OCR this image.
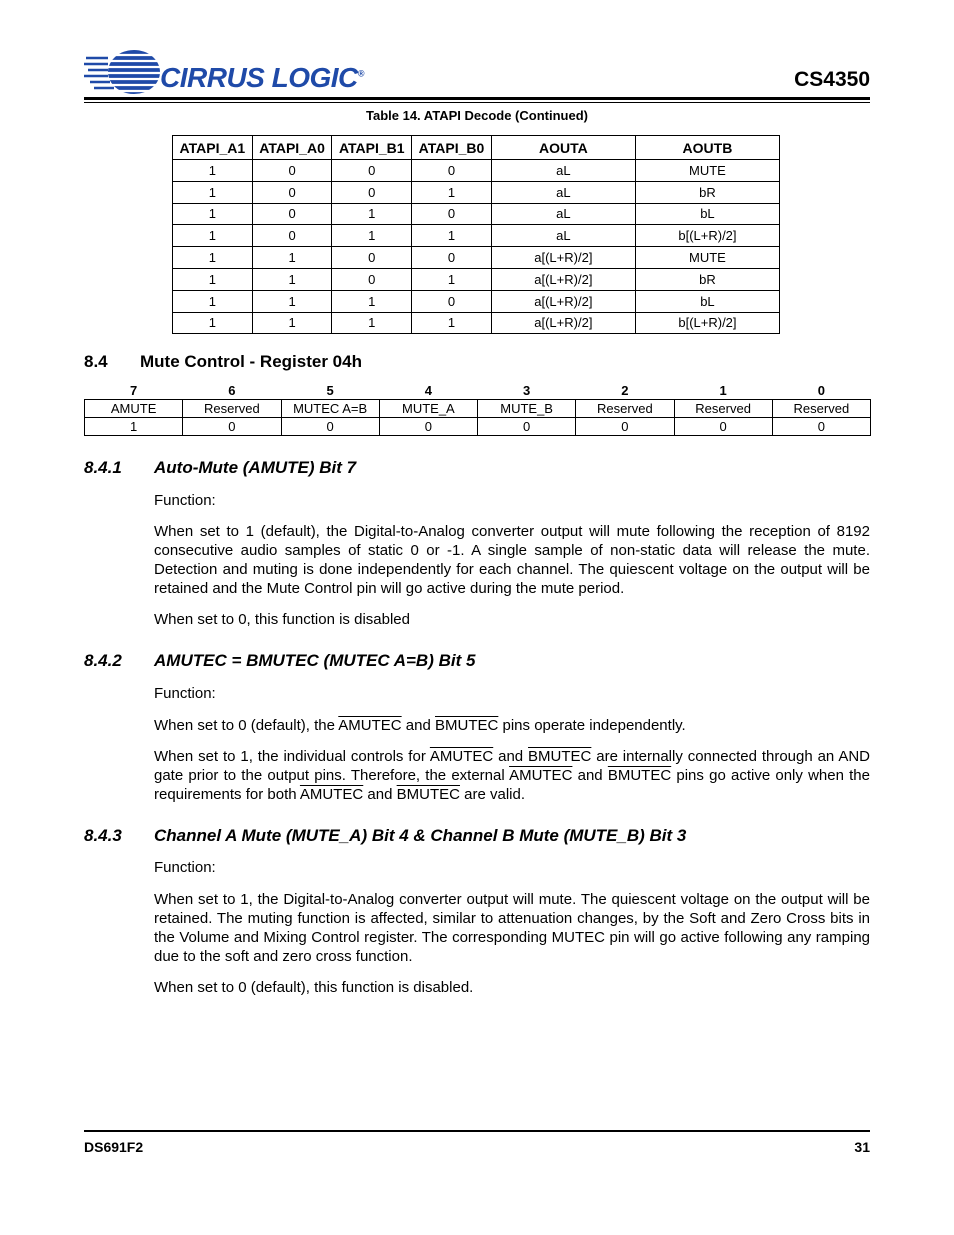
CIRRUS LOGIC®	CS4350
Table 14. ATAPI Decode (Continued)
ATAPI_A1	ATAPI_A0	ATAPI_B1	ATAPI_B0	AOUTA	AOUTB
1	0	0	0	aL	MUTE
1	0	0	1	aL	bR
1	0	1	0	aL	bL
1	0	1	1	aL	b[(L+R)/2]
1	1	0	0	a[(L+R)/2]	MUTE
1	1	0	1	a[(L+R)/2]	bR
1	1	1	0	a[(L+R)/2]	bL
1	1	1	1	a[(L+R)/2]	b[(L+R)/2]
8.4 Mute Control - Register 04h
7	6	5	4	3	2	1	0
AMUTE	Reserved	MUTEC A=B	MUTE_A	MUTE_B	Reserved	Reserved	Reserved
1	0	0	0	0	0	0	0
8.4.1 Auto-Mute (AMUTE) Bit 7
Function:
When set to 1 (default), the Digital-to-Analog converter output will mute following the reception of 8192 consecutive audio samples of static 0 or -1. A single sample of non-static data will release the mute. Detection and muting is done independently for each channel. The quiescent voltage on the output will be retained and the Mute Control pin will go active during the mute period.
When set to 0, this function is disabled
8.4.2 AMUTEC = BMUTEC (MUTEC A=B) Bit 5
Function:
When set to 0 (default), the AMUTEC and BMUTEC pins operate independently.
When set to 1, the individual controls for AMUTEC and BMUTEC are internally connected through an AND gate prior to the output pins. Therefore, the external AMUTEC and BMUTEC pins go active only when the requirements for both AMUTEC and BMUTEC are valid.
8.4.3 Channel A Mute (MUTE_A) Bit 4 & Channel B Mute (MUTE_B) Bit 3
Function:
When set to 1, the Digital-to-Analog converter output will mute. The quiescent voltage on the output will be retained. The muting function is affected, similar to attenuation changes, by the Soft and Zero Cross bits in the Volume and Mixing Control register. The corresponding MUTEC pin will go active following any ramping due to the soft and zero cross function.
When set to 0 (default), this function is disabled.
DS691F2	31
